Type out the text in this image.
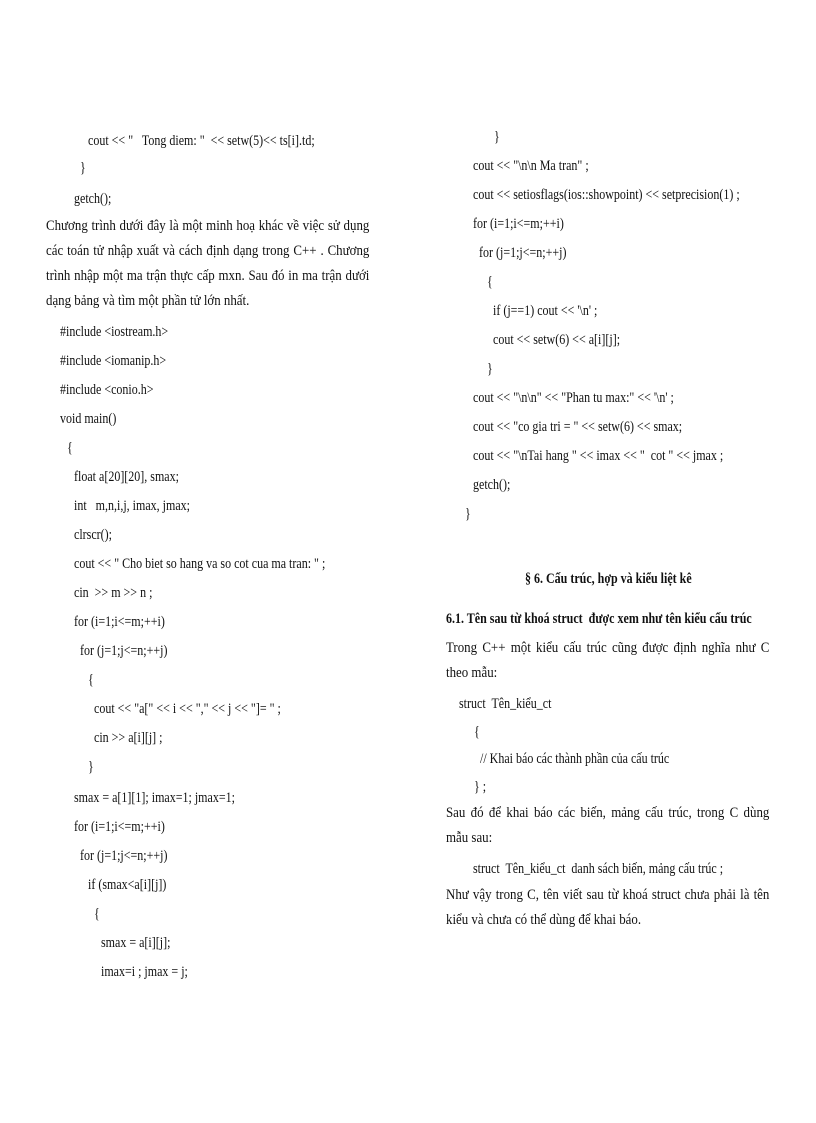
cout << "   Tong diem: "  << setw(5)<< ts[i].td;
}
getch();
Chương trình dưới đây là một minh hoạ khác về việc sử dụng các toán tử nhập xuất và cách định dạng trong C++ . Chương trình nhập một ma trận thực cấp mxn. Sau đó in ma trận dưới dạng bảng và tìm một phần tử lớn nhất.
#include <iostream.h>
#include <iomanip.h>
#include <conio.h>
void main()
{
float a[20][20], smax;
int   m,n,i,j, imax, jmax;
clrscr();
cout << " Cho biet so hang va so cot cua ma tran: " ;
cin  >> m >> n ;
for (i=1;i<=m;++i)
for (j=1;j<=n;++j)
{
cout << "a[" << i << "," << j << "]= " ;
cin >> a[i][j] ;
}
smax = a[1][1]; imax=1; jmax=1;
for (i=1;i<=m;++i)
for (j=1;j<=n;++j)
if (smax<a[i][j])
{
smax = a[i][j];
imax=i ; jmax = j;
}
cout << "\n\n Ma tran" ;
cout << setiosflags(ios::showpoint) << setprecision(1) ;
for (i=1;i<=m;++i)
for (j=1;j<=n;++j)
{
if (j==1) cout << '\n' ;
cout << setw(6) << a[i][j];
}
cout << "\n\n" << "Phan tu max:" << '\n' ;
cout << "co gia tri = " << setw(6) << smax;
cout << "\nTai hang " << imax << "  cot " << jmax ;
getch();
}
§ 6. Cấu trúc, hợp và kiểu liệt kê
6.1. Tên sau từ khoá struct  được xem như tên kiểu cấu trúc
Trong C++ một kiểu cấu trúc cũng được định nghĩa như C theo mẫu:
struct  Tên_kiểu_ct
{
// Khai báo các thành phần của cấu trúc
} ;
Sau đó để khai báo các biến, mảng cấu trúc, trong C dùng mẫu sau:
struct  Tên_kiểu_ct  danh sách biến, mảng cấu trúc ;
Như vậy trong C, tên viết sau từ khoá struct chưa phải là tên kiểu và chưa có thể dùng để khai báo.
